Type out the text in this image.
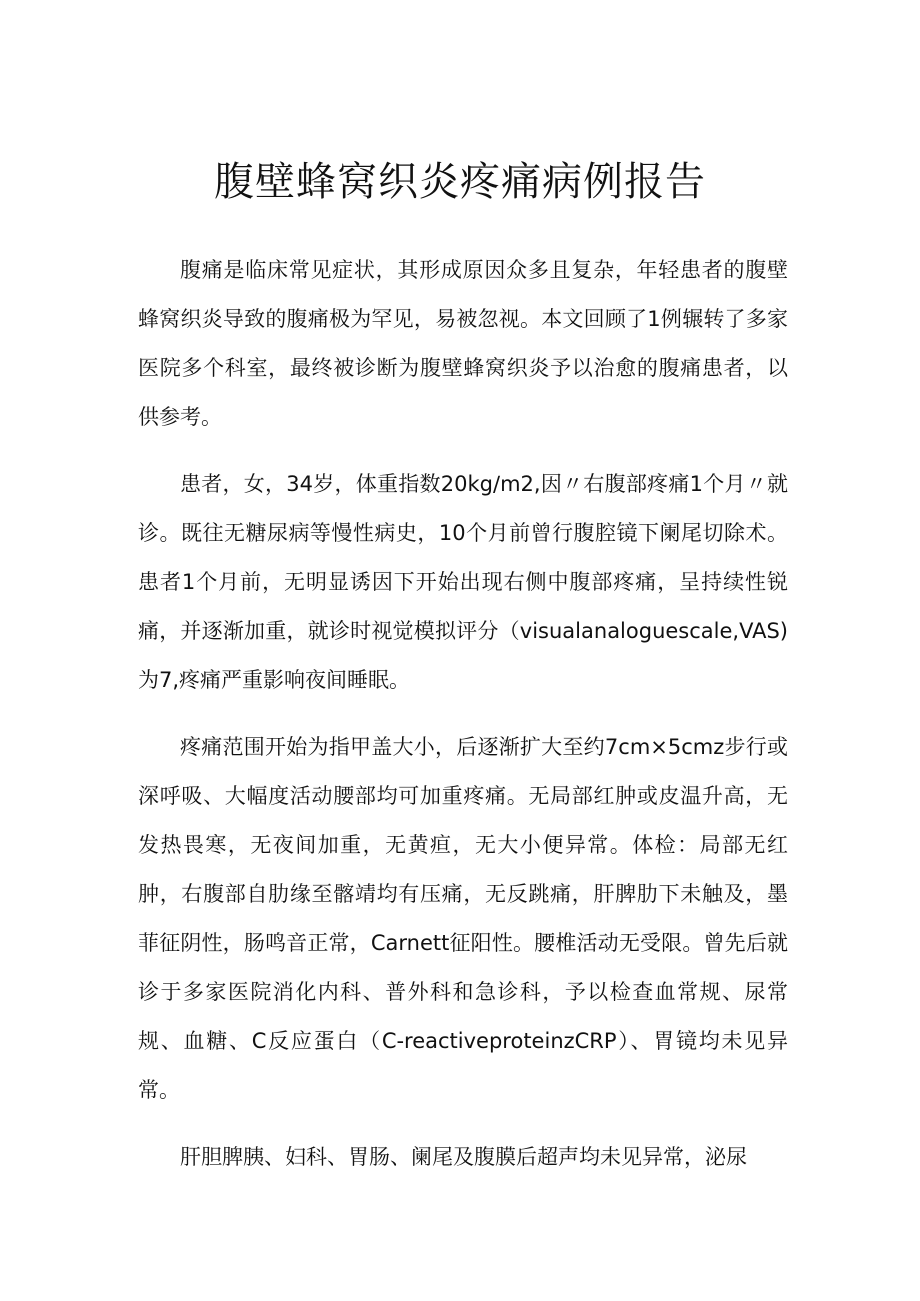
腹壁蜂窝织炎疼痛病例报告

腹痛是临床常见症状，其形成原因众多且复杂，年轻患者的腹壁蜂窝织炎导致的腹痛极为罕见，易被忽视。本文回顾了1例辗转了多家医院多个科室，最终被诊断为腹壁蜂窝织炎予以治愈的腹痛患者，以供参考。

患者，女，34岁，体重指数20kg∕m2,因〃右腹部疼痛1个月〃就诊。既往无糖尿病等慢性病史，10个月前曾行腹腔镜下阑尾切除术。患者1个月前，无明显诱因下开始出现右侧中腹部疼痛，呈持续性锐痛，并逐渐加重，就诊时视觉模拟评分（visualanaloguescale,VAS)为7,疼痛严重影响夜间睡眠。

疼痛范围开始为指甲盖大小，后逐渐扩大至约7cm×5cmz步行或深呼吸、大幅度活动腰部均可加重疼痛。无局部红肿或皮温升高，无发热畏寒，无夜间加重，无黄疸，无大小便异常。体检：局部无红肿，右腹部自肋缘至髂靖均有压痛，无反跳痛，肝脾肋下未触及，墨菲征阴性，肠鸣音正常，Carnett征阳性。腰椎活动无受限。曾先后就诊于多家医院消化内科、普外科和急诊科，予以检查血常规、尿常规、血糖、C反应蛋白（C-reactiveproteinzCRP）、胃镜均未见异常。

肝胆脾胰、妇科、胃肠、阑尾及腹膜后超声均未见异常，泌尿
